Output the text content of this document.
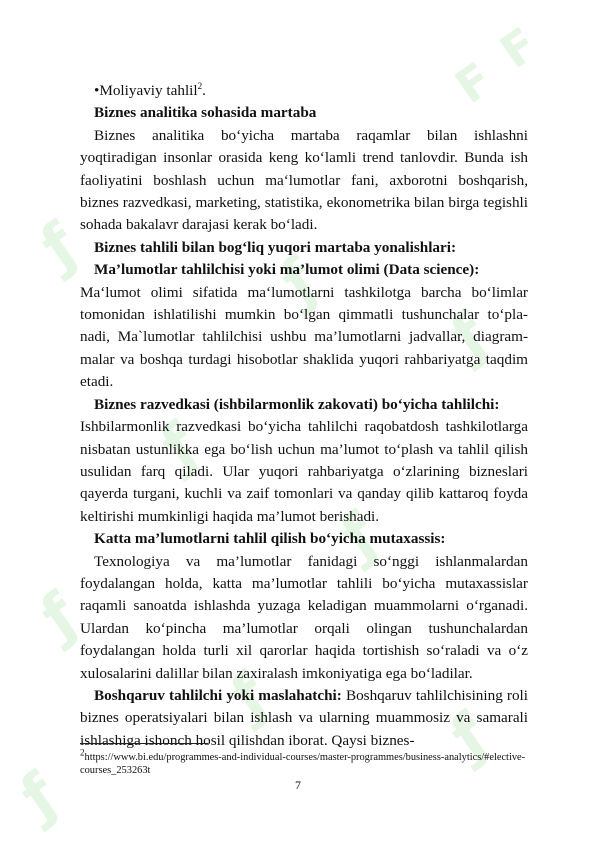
F
F
ƒ
ƒ
ƒ
ƒ
ƒ
ƒ
ƒ
ƒ
ƒ

•Moliyaviy tahlil$^2$.

Biznes analitika sohasida martaba

Biznes analitika bo‘yicha martaba raqamlar bilan ishlashni yoqtiradigan insonlar orasida keng ko‘lamli trend tanlovdir. Bunda ish faoliyatini boshlash uchun ma‘lumotlar fani, axborotni boshqarish, biznes razvedkasi, marketing, statistika, ekonometrika bilan birga tegishli sohada bakalavr darajasi kerak bo‘ladi.

Biznes tahlili bilan bog‘liq yuqori martaba yonalishlari:

Ma’lumotlar tahlilchisi yoki ma’lumot olimi (Data science):

Ma‘lumot olimi sifatida ma‘lumotlarni tashkilotga barcha bo‘limlar tomonidan ishlatilishi mumkin bo‘lgan qimmatli tushunchalar to‘pla-nadi, Ma`lumotlar tahlilchisi ushbu ma’lumotlarni jadvallar, diagram-malar va boshqa turdagi hisobotlar shaklida yuqori rahbariyatga taqdim etadi.

Biznes razvedkasi (ishbilarmonlik zakovati) bo‘yicha tahlilchi:

Ishbilarmonlik razvedkasi bo‘yicha tahlilchi raqobatdosh tashkilotlarga nisbatan ustunlikka ega bo‘lish uchun ma’lumot to‘plash va tahlil qilish usulidan farq qiladi. Ular yuqori rahbariyatga o‘zlarining bizneslari qayerda turgani, kuchli va zaif tomonlari va qanday qilib kattaroq foyda keltirishi mumkinligi haqida ma’lumot berishadi.

Katta ma’lumotlarni tahlil qilish bo‘yicha mutaxassis:

Texnologiya va ma’lumotlar fanidagi so‘nggi ishlanmalardan foydalangan holda, katta ma’lumotlar tahlili bo‘yicha mutaxassislar raqamli sanoatda ishlashda yuzaga keladigan muammolarni o‘rganadi. Ulardan ko‘pincha ma’lumotlar orqali olingan tushunchalardan foydalangan holda turli xil qarorlar haqida tortishish so‘raladi va o‘z xulosalarini dalillar bilan zaxiralash imkoniyatiga ega bo‘ladilar.

Boshqaruv tahlilchi yoki maslahatchi: Boshqaruv tahlilchisining roli biznes operatsiyalari bilan ishlash va ularning muammosiz va samarali ishlashiga ishonch hosil qilishdan iborat. Qaysi biznes-

$^2$https://www.bi.edu/programmes-and-individual-courses/master-programmes/business-analytics/#elective-courses_253263t
7
